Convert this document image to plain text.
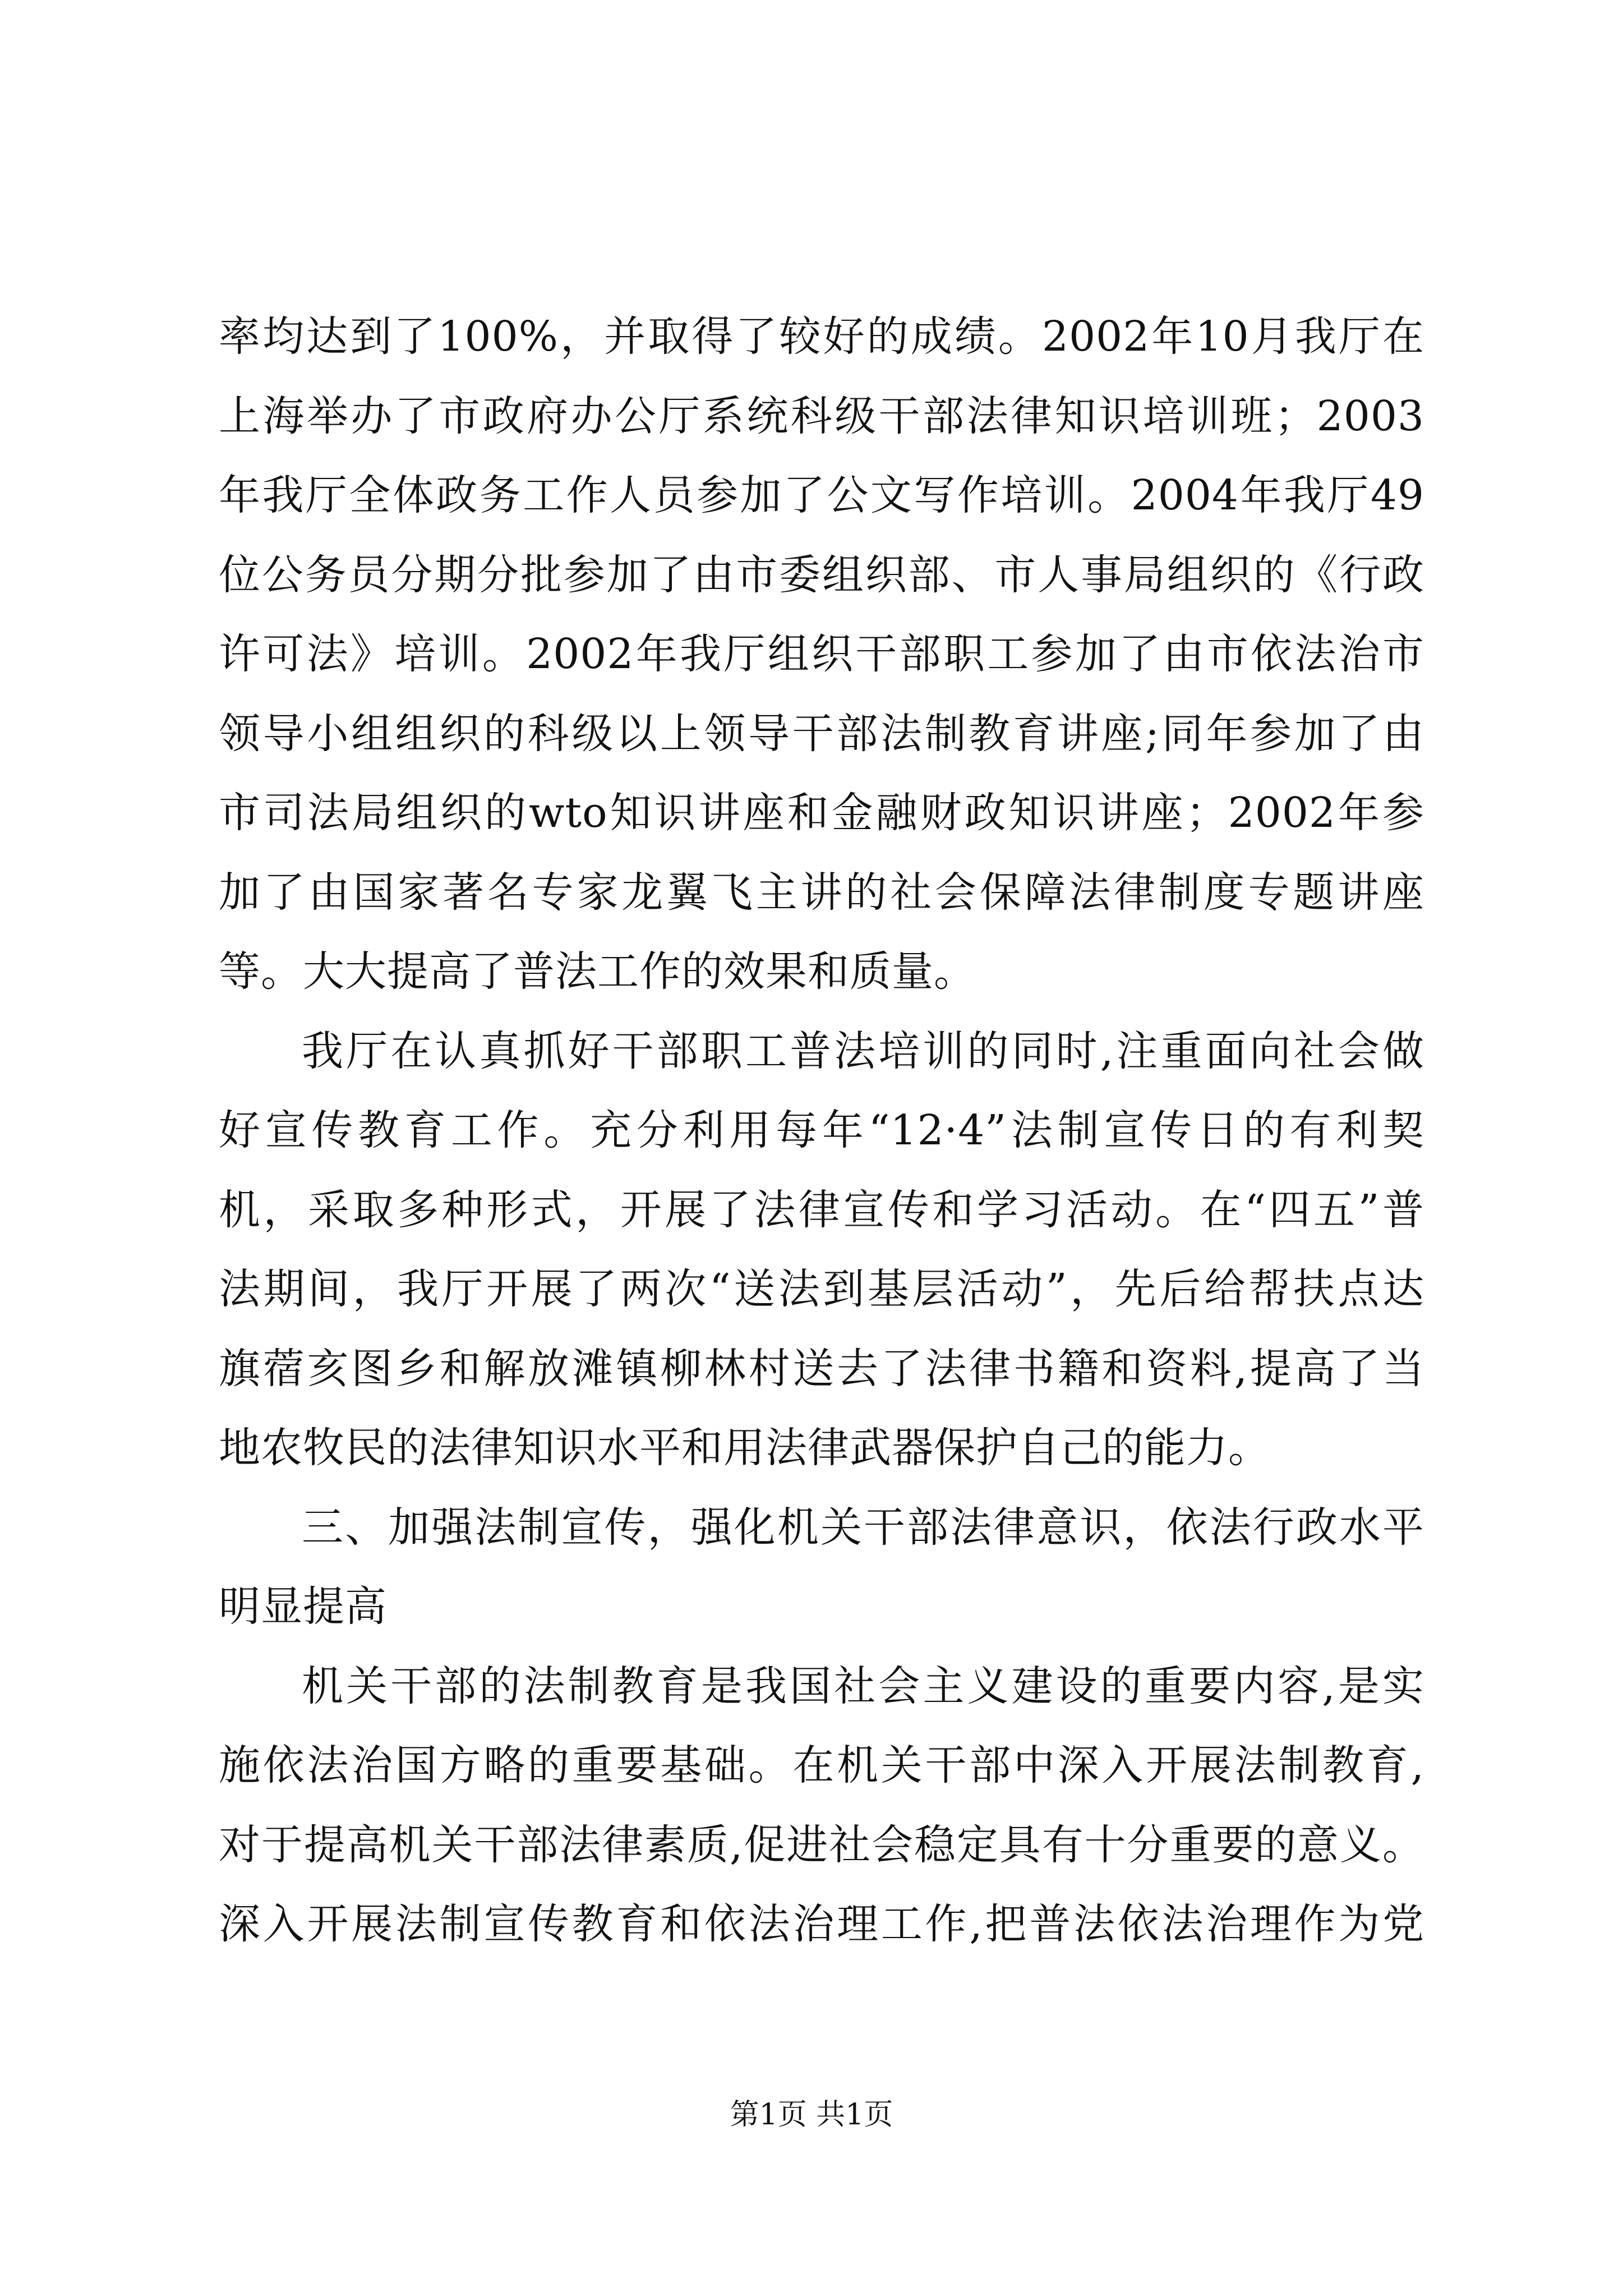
率均达到了100%，并取得了较好的成绩。2002年10月我厅在
上海举办了市政府办公厅系统科级干部法律知识培训班；2003
年我厅全体政务工作人员参加了公文写作培训。2004年我厅49
位公务员分期分批参加了由市委组织部、市人事局组织的《行政
许可法》培训。2002年我厅组织干部职工参加了由市依法治市
领导小组组织的科级以上领导干部法制教育讲座;同年参加了由
市司法局组织的wto知识讲座和金融财政知识讲座；2002年参
加了由国家著名专家龙翼飞主讲的社会保障法律制度专题讲座
等。大大提高了普法工作的效果和质量。
我厅在认真抓好干部职工普法培训的同时,注重面向社会做
好宣传教育工作。充分利用每年“12·4”法制宣传日的有利契
机，采取多种形式，开展了法律宣传和学习活动。在“四五”普
法期间，我厅开展了两次“送法到基层活动”，先后给帮扶点达
旗蓿亥图乡和解放滩镇柳林村送去了法律书籍和资料,提高了当
地农牧民的法律知识水平和用法律武器保护自己的能力。
三、加强法制宣传，强化机关干部法律意识，依法行政水平
明显提高
机关干部的法制教育是我国社会主义建设的重要内容,是实
施依法治国方略的重要基础。在机关干部中深入开展法制教育,
对于提高机关干部法律素质,促进社会稳定具有十分重要的意义。
深入开展法制宣传教育和依法治理工作,把普法依法治理作为党
第1页 共1页
